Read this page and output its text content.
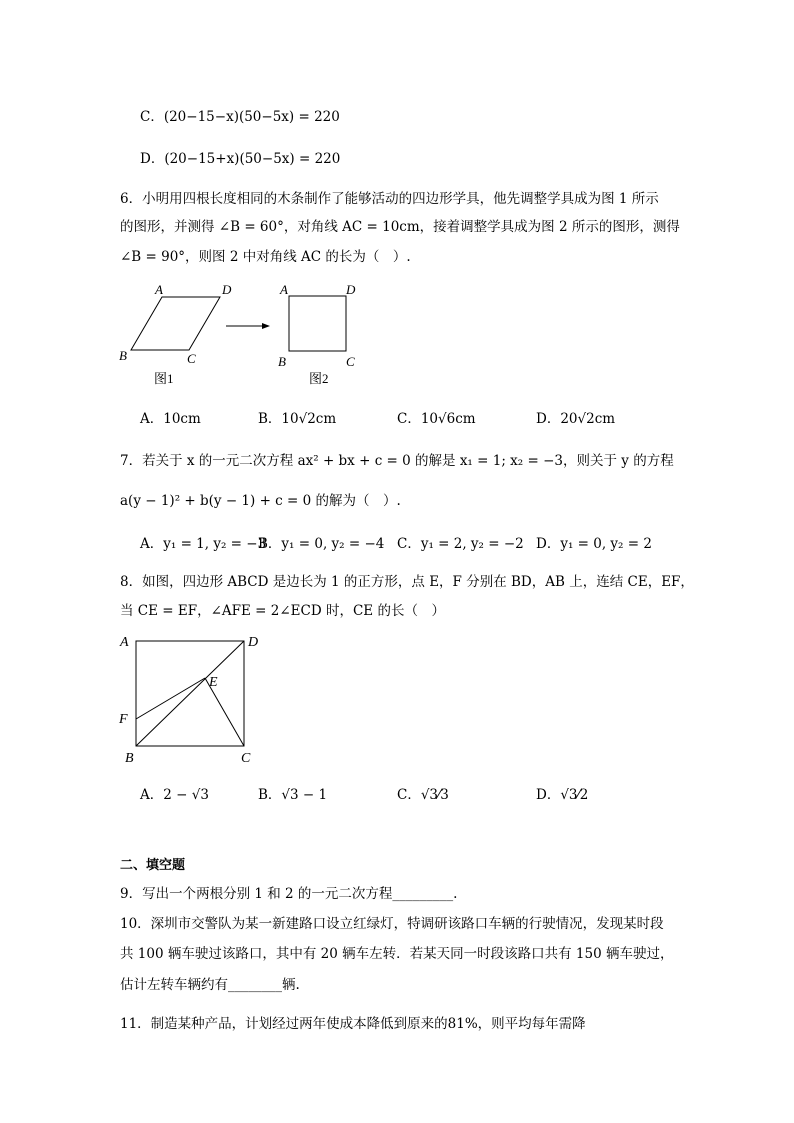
C．(20−15−x)(50−5x) = 220
D．(20−15+x)(50−5x) = 220
6．小明用四根长度相同的木条制作了能够活动的四边形学具，他先调整学具成为图 1 所示
的图形，并测得 ∠B = 60°，对角线 AC = 10cm，接着调整学具成为图 2 所示的图形，测得
∠B = 90°，则图 2 中对角线 AC 的长为（　）.
A	D
B	C
图1
A	D
B	C
图2
A．10cm	B．10√2cm	C．10√6cm	D．20√2cm
7．若关于 x 的一元二次方程 ax² + bx + c = 0 的解是 x₁ = 1; x₂ = −3，则关于 y 的方程
a(y − 1)² + b(y − 1) + c = 0 的解为（　）.
A．y₁ = 1, y₂ = −3
B．y₁ = 0, y₂ = −4 C．y₁ = 2, y₂ = −2 D．y₁ = 0, y₂ = 2
8．如图，四边形 ABCD 是边长为 1 的正方形，点 E，F 分别在 BD，AB 上，连结 CE，EF，
当 CE = EF，∠AFE = 2∠ECD 时，CE 的长（　）
A	D
E
F
B	C
A．2 − √3	B．√3 − 1	C．√3⁄3	D．√3⁄2
二、填空题
9．写出一个两根分别 1 和 2 的一元二次方程_________.
10．深圳市交警队为某一新建路口设立红绿灯，特调研该路口车辆的行驶情况，发现某时段
共 100 辆车驶过该路口，其中有 20 辆车左转．若某天同一时段该路口共有 150 辆车驶过，
估计左转车辆约有________辆.
11．制造某种产品，计划经过两年使成本降低到原来的81%，则平均每年需降
